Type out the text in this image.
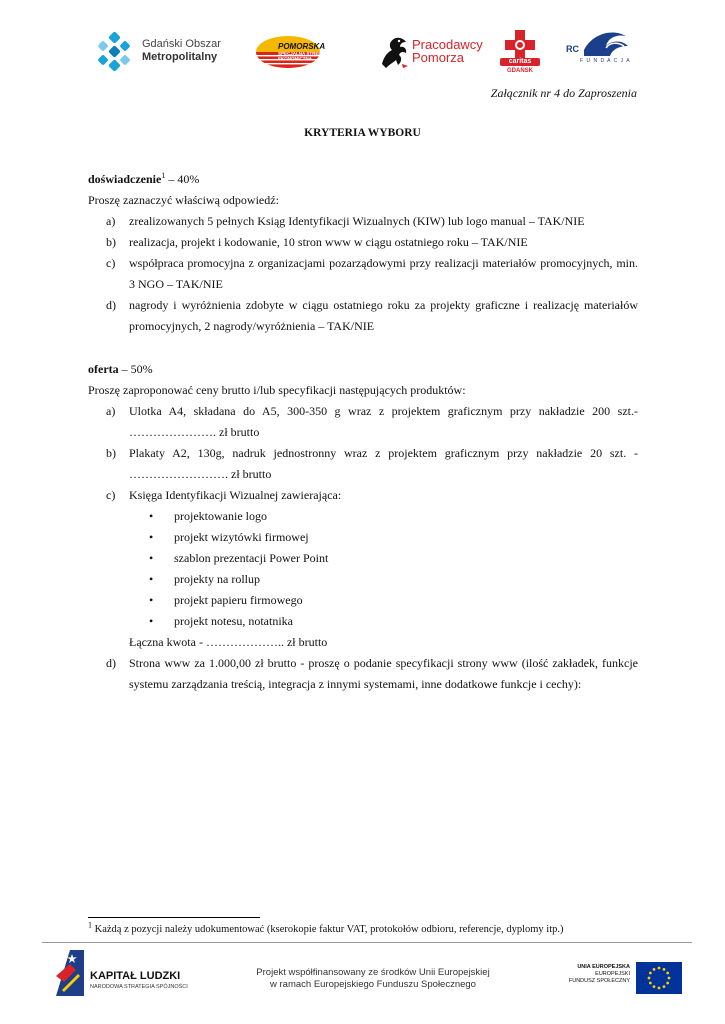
Gdański Obszar
Metropolitalny
POMORSKA
SPECJALNA STREFA
EKONOMICZNA
Pracodawcy
Pomorza	caritas
GDAŃSK
RC
F U N D A C J A
Załącznik nr 4 do Zaproszenia
KRYTERIA WYBORU
doświadczenie$^1$ – 40%
Proszę zaznaczyć właściwą odpowiedź:
a) zrealizowanych 5 pełnych Ksiąg Identyfikacji Wizualnych (KIW) lub logo manual – TAK/NIE
b) realizacja, projekt i kodowanie, 10 stron www w ciągu ostatniego roku – TAK/NIE
c) współpraca promocyjna z organizacjami pozarządowymi przy realizacji materiałów promocyjnych, min. 3 NGO – TAK/NIE
d) nagrody i wyróżnienia zdobyte w ciągu ostatniego roku za projekty graficzne i realizację materiałów promocyjnych, 2 nagrody/wyróżnienia – TAK/NIE
oferta – 50%
Proszę zaproponować ceny brutto i/lub specyfikacji następujących produktów:
a) Ulotka A4, składana do A5, 300-350 g wraz z projektem graficznym przy nakładzie 200 szt.- …………………. zł brutto
b) Plakaty A2, 130g, nadruk jednostronny wraz z projektem graficznym przy nakładzie 20 szt. - ……………………. zł brutto
c) Księga Identyfikacji Wizualnej zawierająca:
• projektowanie logo
• projekt wizytówki firmowej
• szablon prezentacji Power Point
• projekty na rollup
• projekt papieru firmowego
• projekt notesu, notatnika
Łączna kwota - ……………….. zł brutto
d) Strona www za 1.000,00 zł brutto - proszę o podanie specyfikacji strony www (ilość zakładek, funkcje systemu zarządzania treścią, integracja z innymi systemami, inne dodatkowe funkcje i cechy):
$^1$ Każdą z pozycji należy udokumentować (kserokopie faktur VAT, protokołów odbioru, referencje, dyplomy itp.)
KAPITAŁ LUDZKI
NARODOWA STRATEGIA SPÓJNOŚCI
Projekt współfinansowany ze środków Unii Europejskiej
w ramach Europejskiego Funduszu Społecznego
UNIA EUROPEJSKA
EUROPEJSKI
FUNDUSZ SPOŁECZNY
